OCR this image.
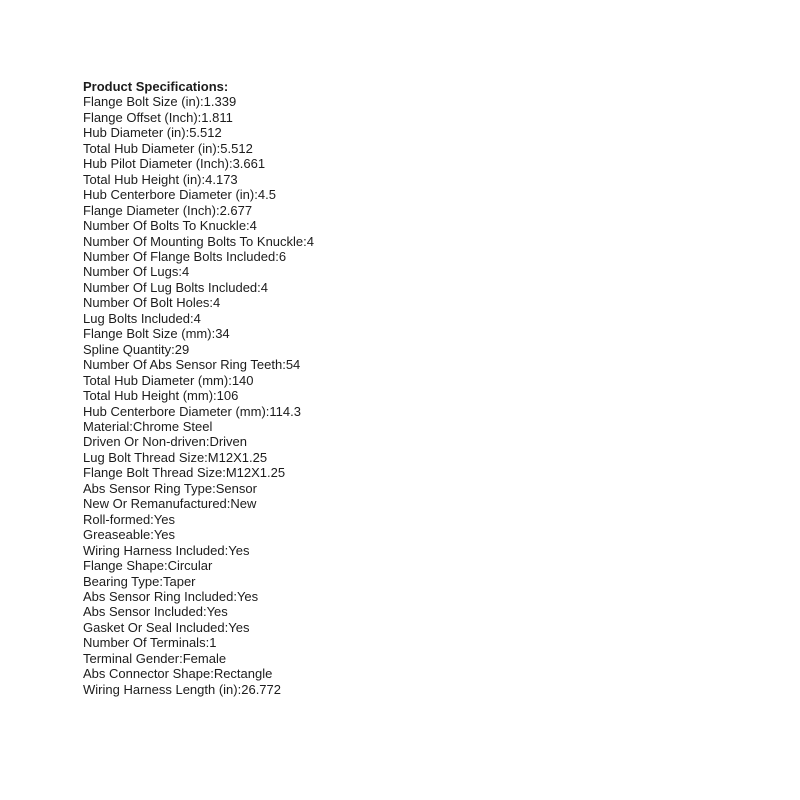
Product Specifications:
Flange Bolt Size (in):1.339
Flange Offset (Inch):1.811
Hub Diameter (in):5.512
Total Hub Diameter (in):5.512
Hub Pilot Diameter (Inch):3.661
Total Hub Height (in):4.173
Hub Centerbore Diameter (in):4.5
Flange Diameter (Inch):2.677
Number Of Bolts To Knuckle:4
Number Of Mounting Bolts To Knuckle:4
Number Of Flange Bolts Included:6
Number Of Lugs:4
Number Of Lug Bolts Included:4
Number Of Bolt Holes:4
Lug Bolts Included:4
Flange Bolt Size (mm):34
Spline Quantity:29
Number Of Abs Sensor Ring Teeth:54
Total Hub Diameter (mm):140
Total Hub Height (mm):106
Hub Centerbore Diameter (mm):114.3
Material:Chrome Steel
Driven Or Non-driven:Driven
Lug Bolt Thread Size:M12X1.25
Flange Bolt Thread Size:M12X1.25
Abs Sensor Ring Type:Sensor
New Or Remanufactured:New
Roll-formed:Yes
Greaseable:Yes
Wiring Harness Included:Yes
Flange Shape:Circular
Bearing Type:Taper
Abs Sensor Ring Included:Yes
Abs Sensor Included:Yes
Gasket Or Seal Included:Yes
Number Of Terminals:1
Terminal Gender:Female
Abs Connector Shape:Rectangle
Wiring Harness Length (in):26.772
